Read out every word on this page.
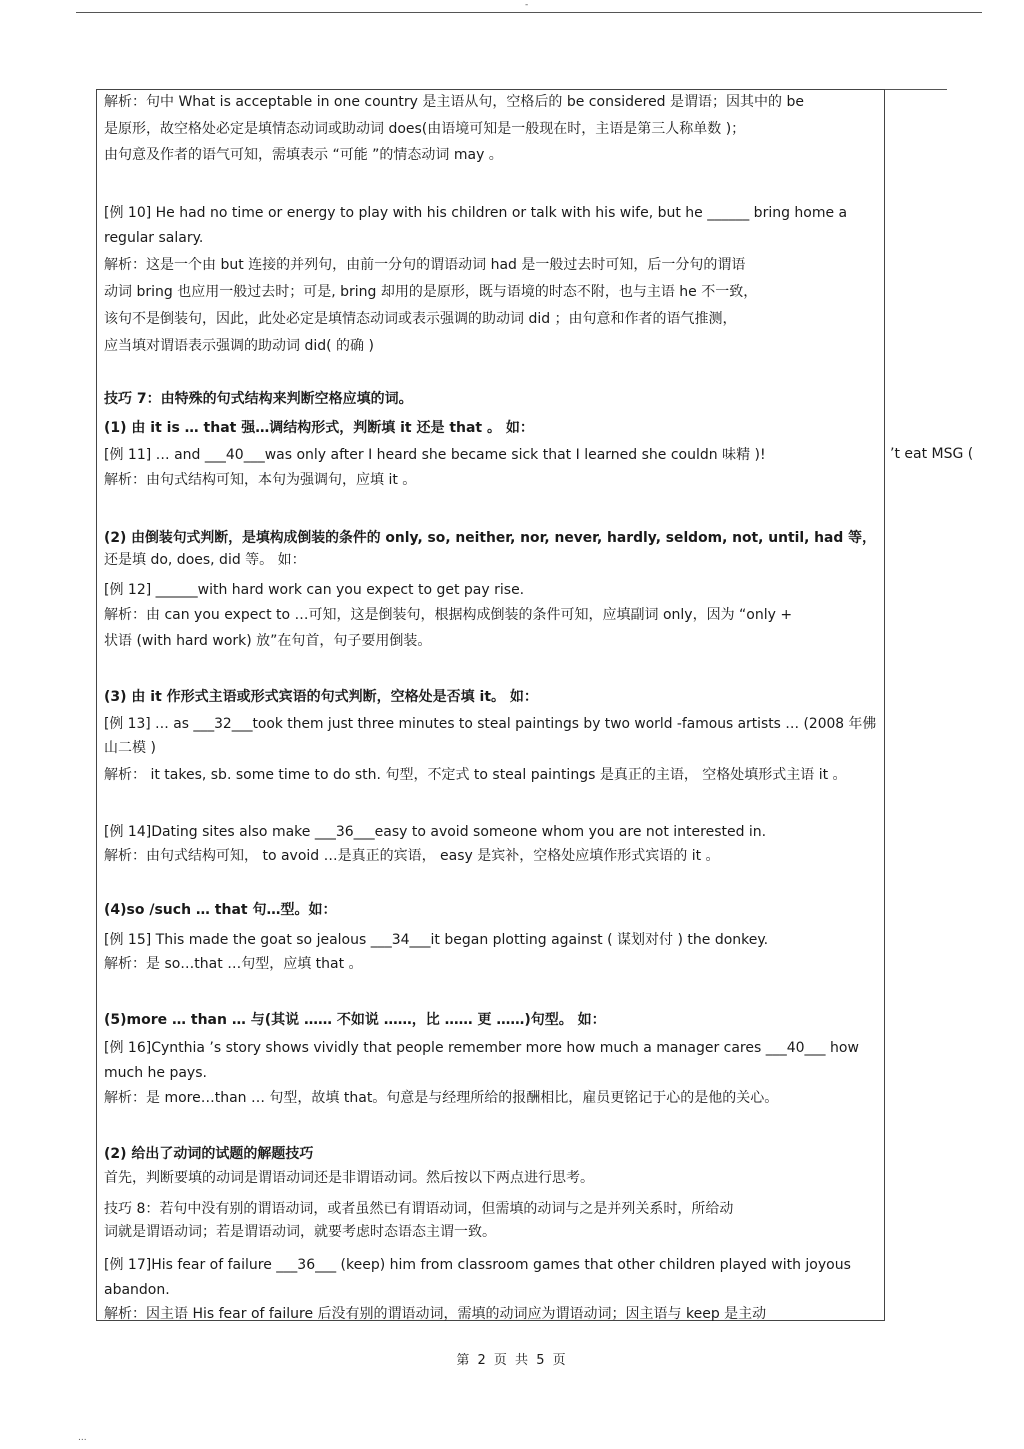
-
解析：句中 What is acceptable in one country 是主语从句，空格后的 be considered 是谓语；因其中的 be
是原形，故空格处必定是填情态动词或助动词 does(由语境可知是一般现在时，主语是第三人称单数 )；
由句意及作者的语气可知，需填表示 “可能 ”的情态动词 may 。
[例 10] He had no time or energy to play with his children or talk with his wife, but he ______ bring home a
regular salary.
解析：这是一个由 but 连接的并列句，由前一分句的谓语动词 had 是一般过去时可知，后一分句的谓语
动词 bring 也应用一般过去时；可是, bring 却用的是原形，既与语境的时态不附，也与主语 he 不一致，
该句不是倒装句，因此，此处必定是填情态动词或表示强调的助动词 did ；由句意和作者的语气推测，
应当填对谓语表示强调的助动词 did( 的确 )
技巧 7：由特殊的句式结构来判断空格应填的词。
(1) 由 it is … that 强…调结构形式，判断填 it 还是 that 。 如：
[例 11] … and ___40___was only after I heard she became sick that I learned she couldn 味精 )!	’t eat MSG (
解析：由句式结构可知，本句为强调句，应填 it 。
(2) 由倒装句式判断，是填构成倒装的条件的 only, so, neither, nor, never, hardly, seldom, not, until, had 等，
还是填 do, does, did 等。 如：
[例 12] ______with hard work can you expect to get pay rise.
解析：由 can you expect to …可知，这是倒装句，根据构成倒装的条件可知，应填副词 only，因为 “only +
状语 (with hard work) 放”在句首，句子要用倒装。
(3) 由 it 作形式主语或形式宾语的句式判断，空格处是否填 it。 如：
[例 13] … as ___32___took them just three minutes to steal paintings by two world -famous artists … (2008 年佛
山二模 )
解析： it takes, sb. some time to do sth. 句型，不定式 to steal paintings 是真正的主语， 空格处填形式主语 it 。
[例 14]Dating sites also make ___36___easy to avoid someone whom you are not interested in.
解析：由句式结构可知， to avoid …是真正的宾语， easy 是宾补，空格处应填作形式宾语的 it 。
(4)so /such … that 句…型。如：
[例 15] This made the goat so jealous ___34___it began plotting against ( 谋划对付 ) the donkey.
解析：是 so…that …句型，应填 that 。
(5)more … than … 与(其说 …… 不如说 ……，比 …… 更 ……)句型。 如：
[例 16]Cynthia ’s story shows vividly that people remember more how much a manager cares ___40___ how
much he pays.
解析：是 more…than … 句型，故填 that。句意是与经理所给的报酬相比，雇员更铭记于心的是他的关心。
(2) 给出了动词的试题的解题技巧
首先，判断要填的动词是谓语动词还是非谓语动词。然后按以下两点进行思考。
技巧 8：若句中没有别的谓语动词，或者虽然已有谓语动词，但需填的动词与之是并列关系时，所给动
词就是谓语动词；若是谓语动词，就要考虑时态语态主谓一致。
[例 17]His fear of failure ___36___ (keep) him from classroom games that other children played with joyous
abandon.
解析：因主语 His fear of failure 后没有别的谓语动词，需填的动词应为谓语动词；因主语与 keep 是主动
第 2 页 共 5 页
...
